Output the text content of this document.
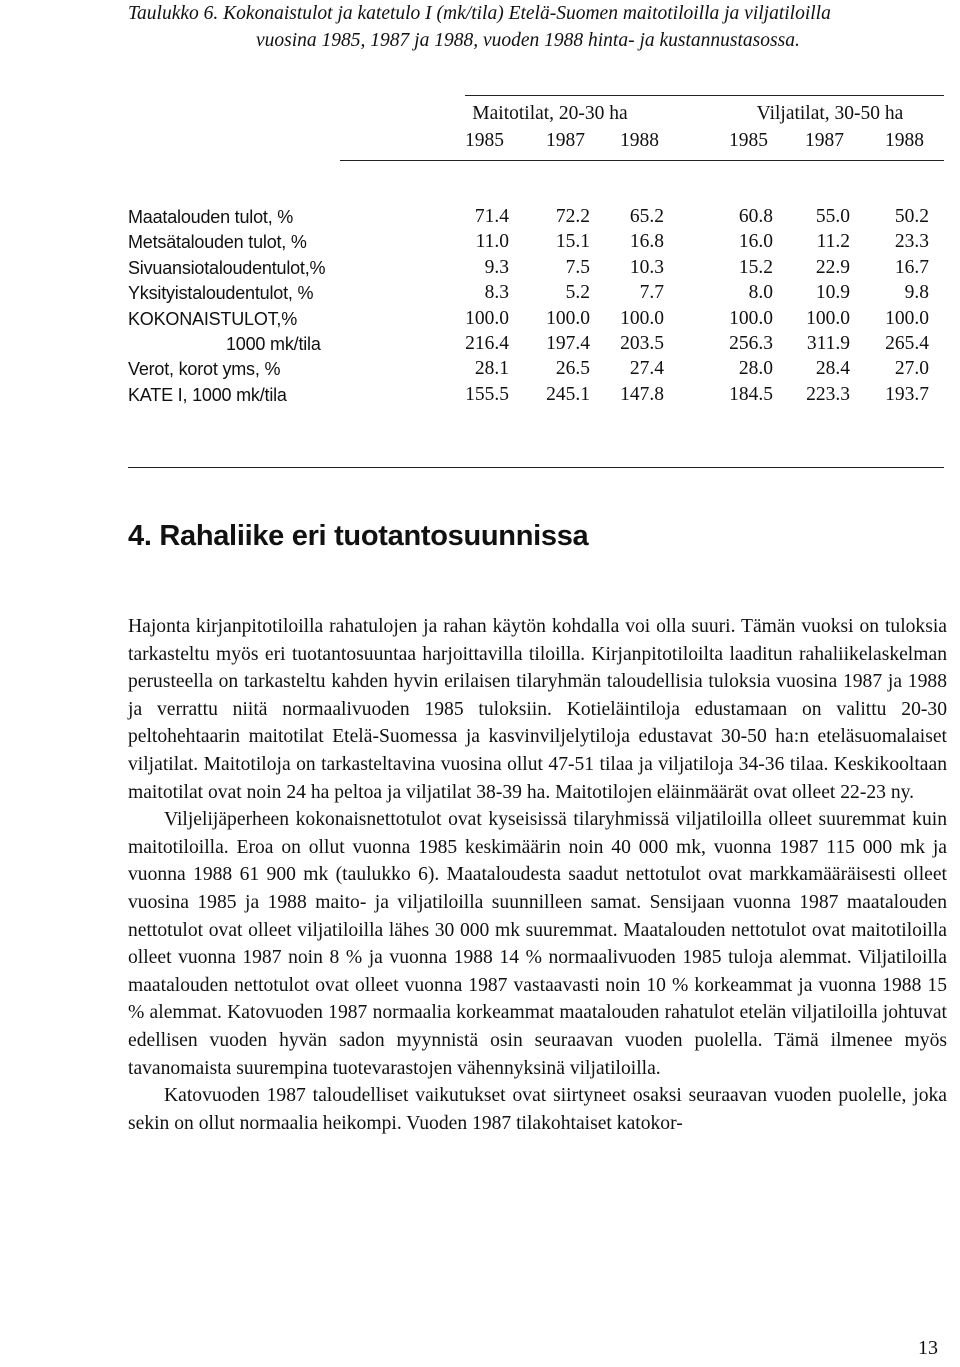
Taulukko 6. Kokonaistulot ja katetulo I (mk/tila) Etelä-Suomen maitotiloilla ja viljatiloilla
vuosina 1985, 1987 ja 1988, vuoden 1988 hinta- ja kustannustasossa.
Maitotilat, 20-30 ha	Viljatilat, 30-50 ha
1985 1987 1988	1985 1987 1988
Maatalouden tulot, %	71.4	72.2	65.2	60.8	55.0	50.2
Metsätalouden tulot, %	11.0	15.1	16.8	16.0	11.2	23.3
Sivuansiotaloudentulot,%	9.3	7.5	10.3	15.2	22.9	16.7
Yksityistaloudentulot, %	8.3	5.2	7.7	8.0	10.9	9.8
KOKONAISTULOT,%	100.0	100.0	100.0	100.0	100.0	100.0
1000 mk/tila	216.4	197.4	203.5	256.3	311.9	265.4
Verot, korot yms, %	28.1	26.5	27.4	28.0	28.4	27.0
KATE I, 1000 mk/tila	155.5	245.1	147.8	184.5	223.3	193.7
4. Rahaliike eri tuotantosuunnissa

Hajonta kirjanpitotiloilla rahatulojen ja rahan käytön kohdalla voi olla suuri. Tämän vuoksi on tuloksia tarkasteltu myös eri tuotantosuuntaa harjoittavilla tiloilla. Kirjanpitotiloilta laaditun rahaliikelaskelman perusteella on tarkasteltu kahden hyvin erilaisen tilaryhmän taloudellisia tuloksia vuosina 1987 ja 1988 ja verrattu niitä normaalivuoden 1985 tuloksiin. Kotieläintiloja edustamaan on valittu 20-30 peltohehtaarin maitotilat Etelä-Suomessa ja kasvinviljelytiloja edustavat 30-50 ha:n eteläsuomalaiset viljatilat. Maitotiloja on tarkasteltavina vuosina ollut 47-51 tilaa ja viljatiloja 34-36 tilaa. Keskikooltaan maitotilat ovat noin 24 ha peltoa ja viljatilat 38-39 ha. Maitotilojen eläinmäärät ovat olleet 22-23 ny.

Viljelijäperheen kokonaisnettotulot ovat kyseisissä tilaryhmissä viljatiloilla olleet suuremmat kuin maitotiloilla. Eroa on ollut vuonna 1985 keskimäärin noin 40 000 mk, vuonna 1987 115 000 mk ja vuonna 1988 61 900 mk (taulukko 6). Maataloudesta saadut nettotulot ovat markkamääräisesti olleet vuosina 1985 ja 1988 maito- ja viljatiloilla suunnilleen samat. Sensijaan vuonna 1987 maatalouden nettotulot ovat olleet viljatiloilla lähes 30 000 mk suuremmat. Maatalouden nettotulot ovat maitotiloilla olleet vuonna 1987 noin 8 % ja vuonna 1988 14 % normaalivuoden 1985 tuloja alemmat. Viljatiloilla maatalouden nettotulot ovat olleet vuonna 1987 vastaavasti noin 10 % korkeammat ja vuonna 1988 15 % alemmat. Katovuoden 1987 normaalia korkeammat maatalouden rahatulot etelän viljatiloilla johtuvat edellisen vuoden hyvän sadon myynnistä osin seuraavan vuoden puolella. Tämä ilmenee myös tavanomaista suurempina tuotevarastojen vähennyksinä viljatiloilla.

Katovuoden 1987 taloudelliset vaikutukset ovat siirtyneet osaksi seuraavan vuoden puolelle, joka sekin on ollut normaalia heikompi. Vuoden 1987 tilakohtaiset katokor-

13
